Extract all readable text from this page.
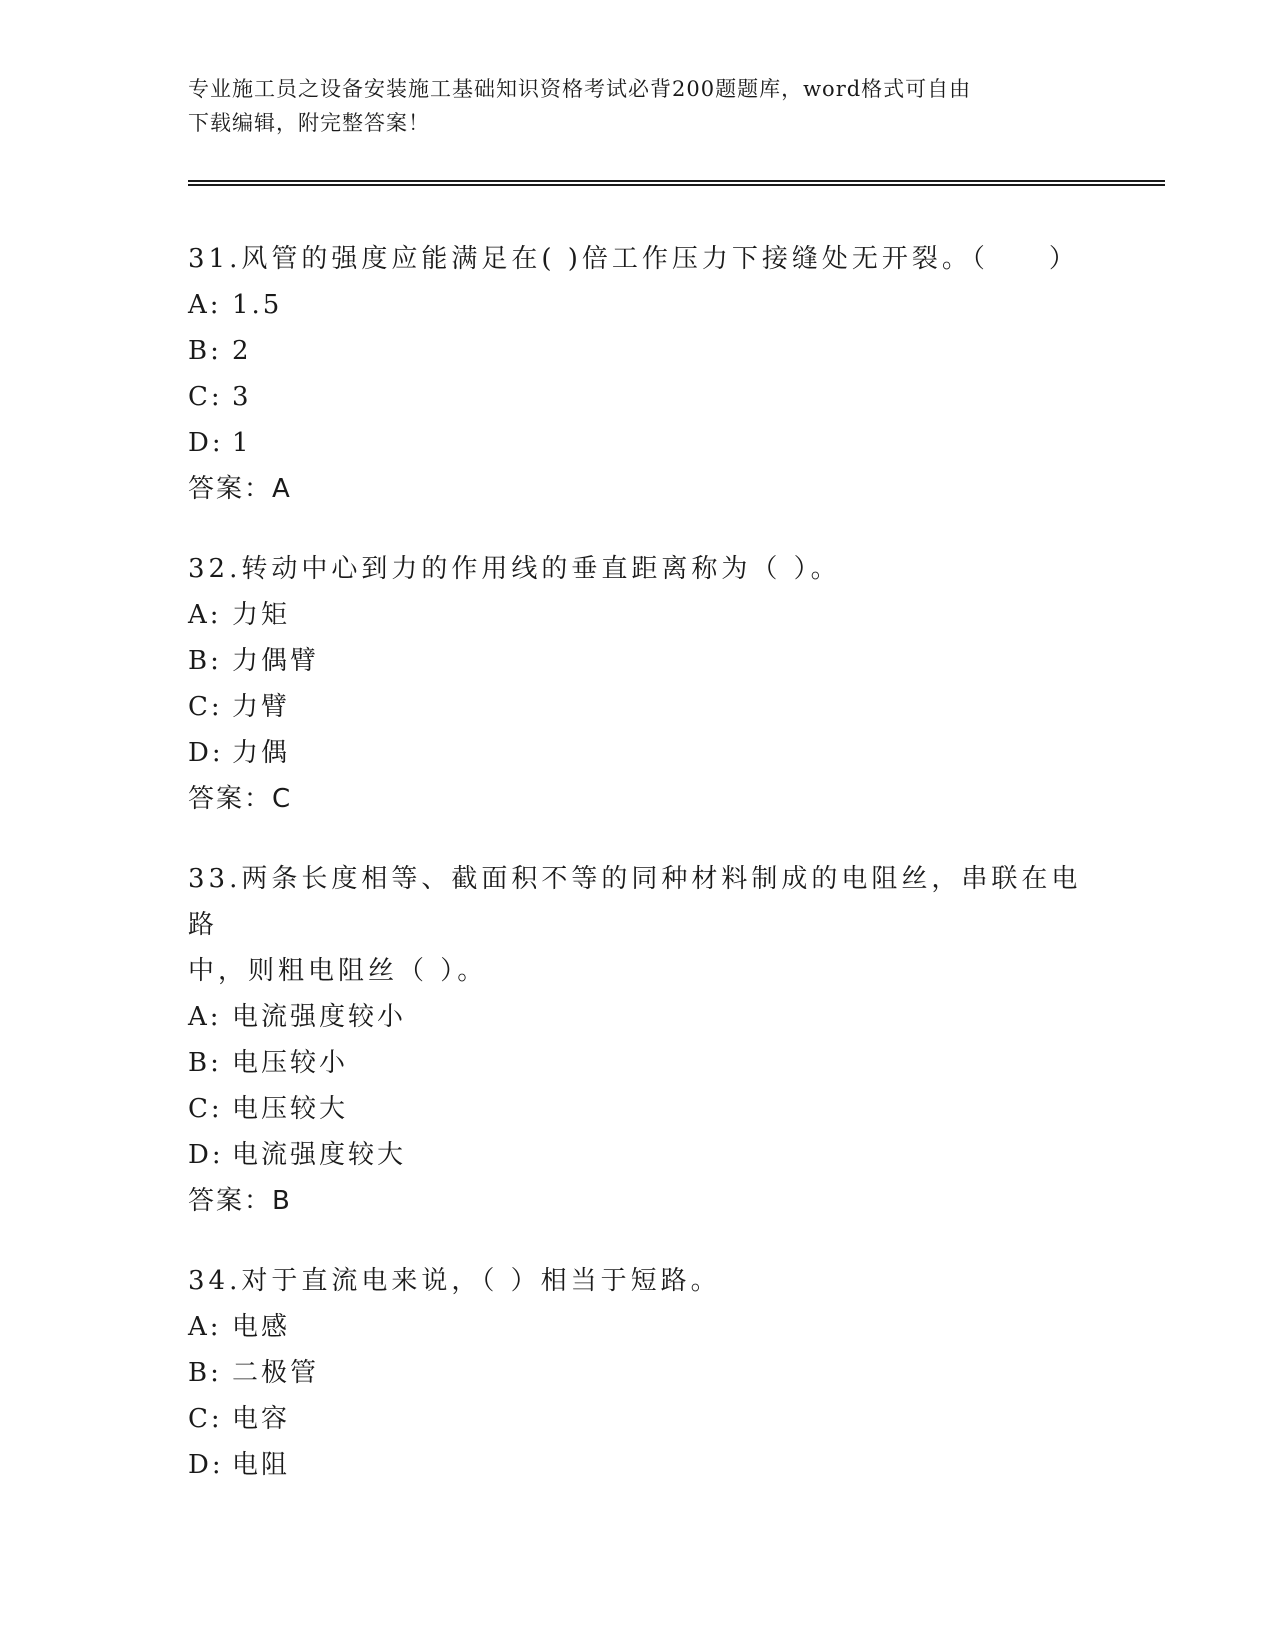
专业施工员之设备安装施工基础知识资格考试必背200题题库，word格式可自由
下载编辑，附完整答案！
31.风管的强度应能满足在( )倍工作压力下接缝处无开裂。（　　）
A: 1.5
B: 2
C: 3
D: 1
答案：A
32.转动中心到力的作用线的垂直距离称为（ ）。
A: 力矩
B: 力偶臂
C: 力臂
D: 力偶
答案：C
33.两条长度相等、截面积不等的同种材料制成的电阻丝，串联在电路
中，则粗电阻丝（ ）。
A: 电流强度较小
B: 电压较小
C: 电压较大
D: 电流强度较大
答案：B
34.对于直流电来说，（ ）相当于短路。
A: 电感
B: 二极管
C: 电容
D: 电阻
